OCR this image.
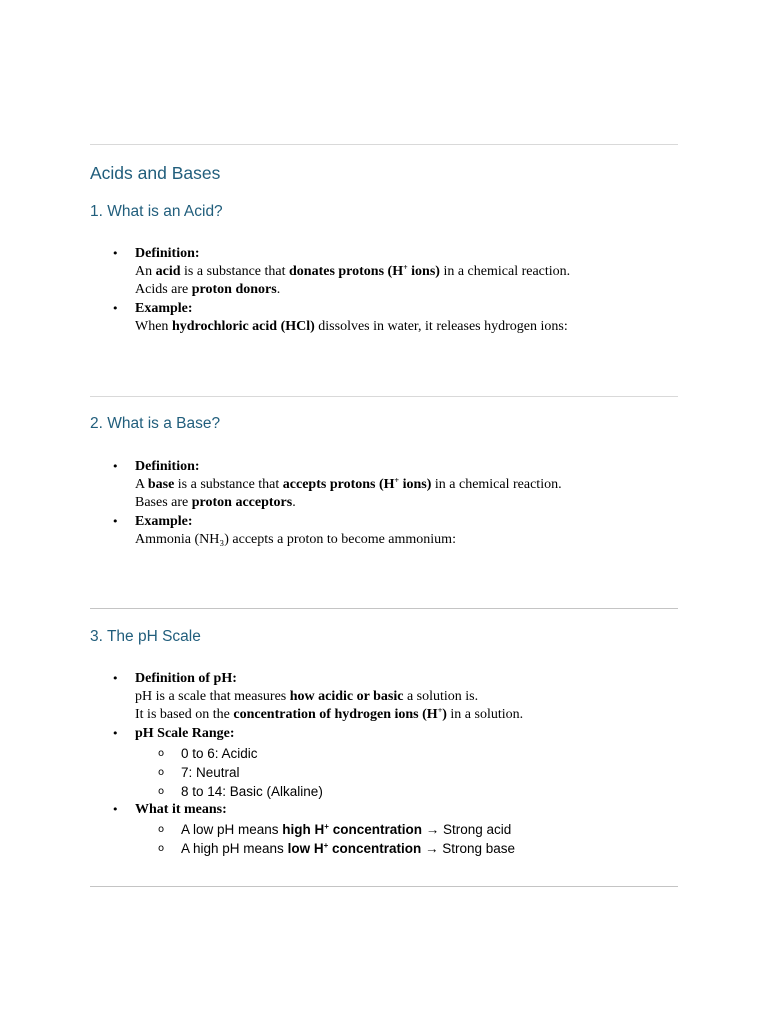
Acids and Bases
1. What is an Acid?
• Definition:
An acid is a substance that donates protons (H+ ions) in a chemical reaction.
Acids are proton donors.
• Example:
When hydrochloric acid (HCl) dissolves in water, it releases hydrogen ions:
2. What is a Base?
• Definition:
A base is a substance that accepts protons (H+ ions) in a chemical reaction.
Bases are proton acceptors.
• Example:
Ammonia (NH₃) accepts a proton to become ammonium:
3. The pH Scale
• Definition of pH:
pH is a scale that measures how acidic or basic a solution is.
It is based on the concentration of hydrogen ions (H+) in a solution.
• pH Scale Range:
o 0 to 6: Acidic
o 7: Neutral
o 8 to 14: Basic (Alkaline)
• What it means:
o A low pH means high H+ concentration → Strong acid
o A high pH means low H+ concentration → Strong base
